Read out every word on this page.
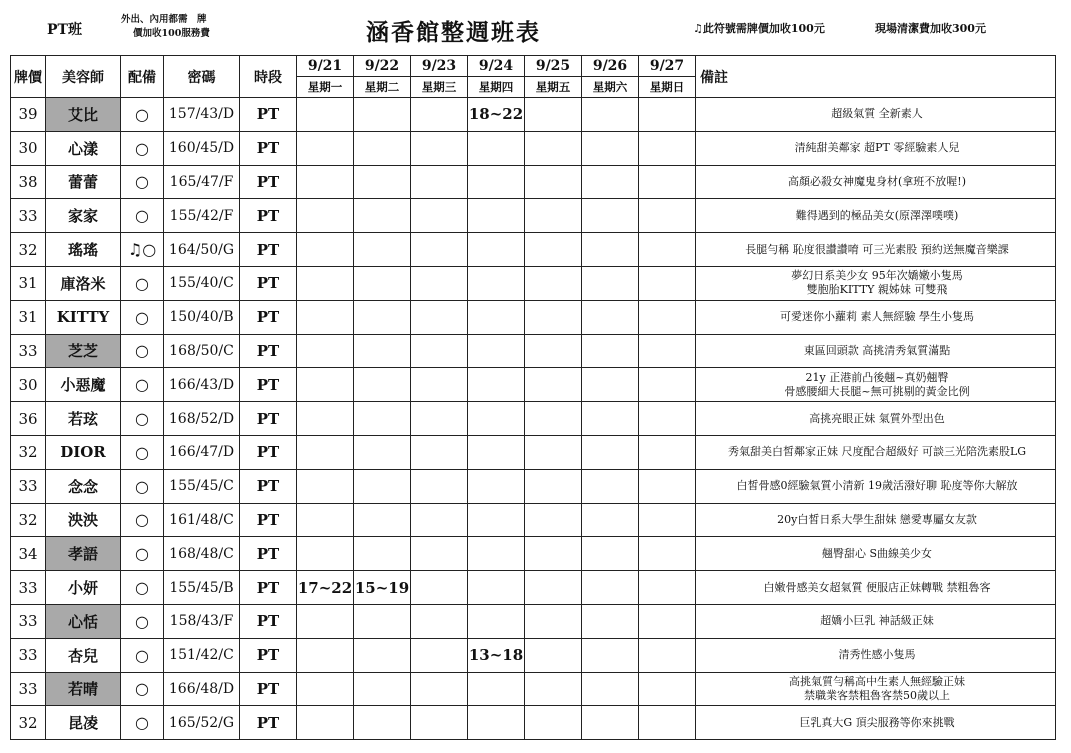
PT班
外出、內用都需　牌
價加收100服務費	涵香館整週班表	♫此符號需牌價加收100元	現場清潔費加收300元
牌價	美容師	配備	密碼	時段	9/21	9/22	9/23	9/24	9/25	9/26	9/27	備註
					星期一	星期二	星期三	星期四	星期五	星期六	星期日	
39	艾比	○	157/43/D	PT				18~22				超級氣質 全新素人

30	心漾	○	160/45/D	PT								清純甜美鄰家 超PT 零經驗素人兒

38	蕾蕾	○	165/47/F	PT								高顏必殺女神魔鬼身材(拿班不放喔!)

33	家家	○	155/42/F	PT								難得遇到的極品美女(原澤澤噗噗)

32	瑤瑤	♫○	164/50/G	PT								長腿勻稱 恥度很讚讚唷 可三光素股 預約送無魔音樂課

31	庫洛米	○	155/40/C	PT								夢幻日系美少女 95年次嬌嫩小隻馬
雙胞胎KITTY 親姊妹 可雙飛

31	KITTY	○	150/40/B	PT								可愛迷你小蘿莉 素人無經驗 學生小隻馬

33	芝芝	○	168/50/C	PT								東區回頭款 高挑清秀氣質滿點

30	小惡魔	○	166/43/D	PT								21y 正港前凸後翹~真奶翹臀
骨感腰細大長腿~無可挑剔的黃金比例

36	若玹	○	168/52/D	PT								高挑亮眼正妹 氣質外型出色

32	DIOR	○	166/47/D	PT								秀氣甜美白皙鄰家正妹 尺度配合超級好 可談三光陪洗素股LG

33	念念	○	155/45/C	PT								白皙骨感0經驗氣質小清新 19歲活潑好聊 恥度等你大解放

32	泱泱	○	161/48/C	PT								20y白皙日系大學生甜妹 戀愛專屬女友款

34	孝語	○	168/48/C	PT								翹臀甜心 S曲線美少女

33	小妍	○	155/45/B	PT	17~22	15~19						白嫩骨感美女超氣質 便服店正妹轉戰 禁粗魯客

33	心恬	○	158/43/F	PT								超嬌小巨乳 神話級正妹

33	杏兒	○	151/42/C	PT				13~18				清秀性感小隻馬

33	若晴	○	166/48/D	PT								高挑氣質勻稱高中生素人無經驗正妹
禁職業客禁粗魯客禁50歲以上

32	昆凌	○	165/52/G	PT								巨乳真大G 頂尖服務等你來挑戰
